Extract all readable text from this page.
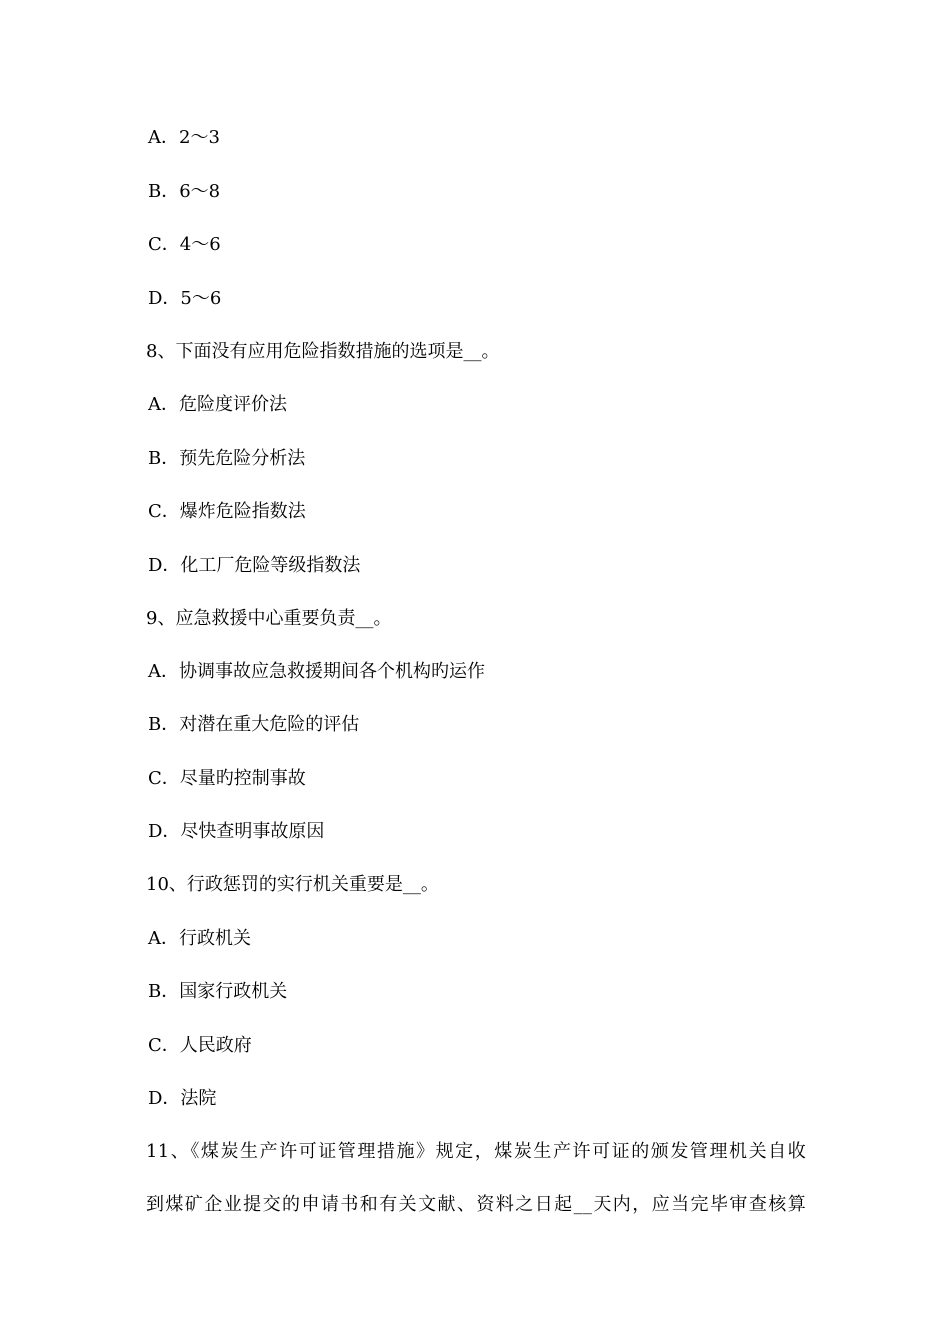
A．2～3
B．6～8
C．4～6
D．5～6
8、下面没有应用危险指数措施的选项是__。
A．危险度评价法
B．预先危险分析法
C．爆炸危险指数法
D．化工厂危险等级指数法
9、应急救援中心重要负责__。
A．协调事故应急救援期间各个机构旳运作
B．对潜在重大危险的评估
C．尽量旳控制事故
D．尽快查明事故原因
10、行政惩罚的实行机关重要是__。
A．行政机关
B．国家行政机关
C．人民政府
D．法院
11、《煤炭生产许可证管理措施》规定，煤炭生产许可证的颁发管理机关自收
到煤矿企业提交的申请书和有关文献、资料之日起__天内，应当完毕审查核算
